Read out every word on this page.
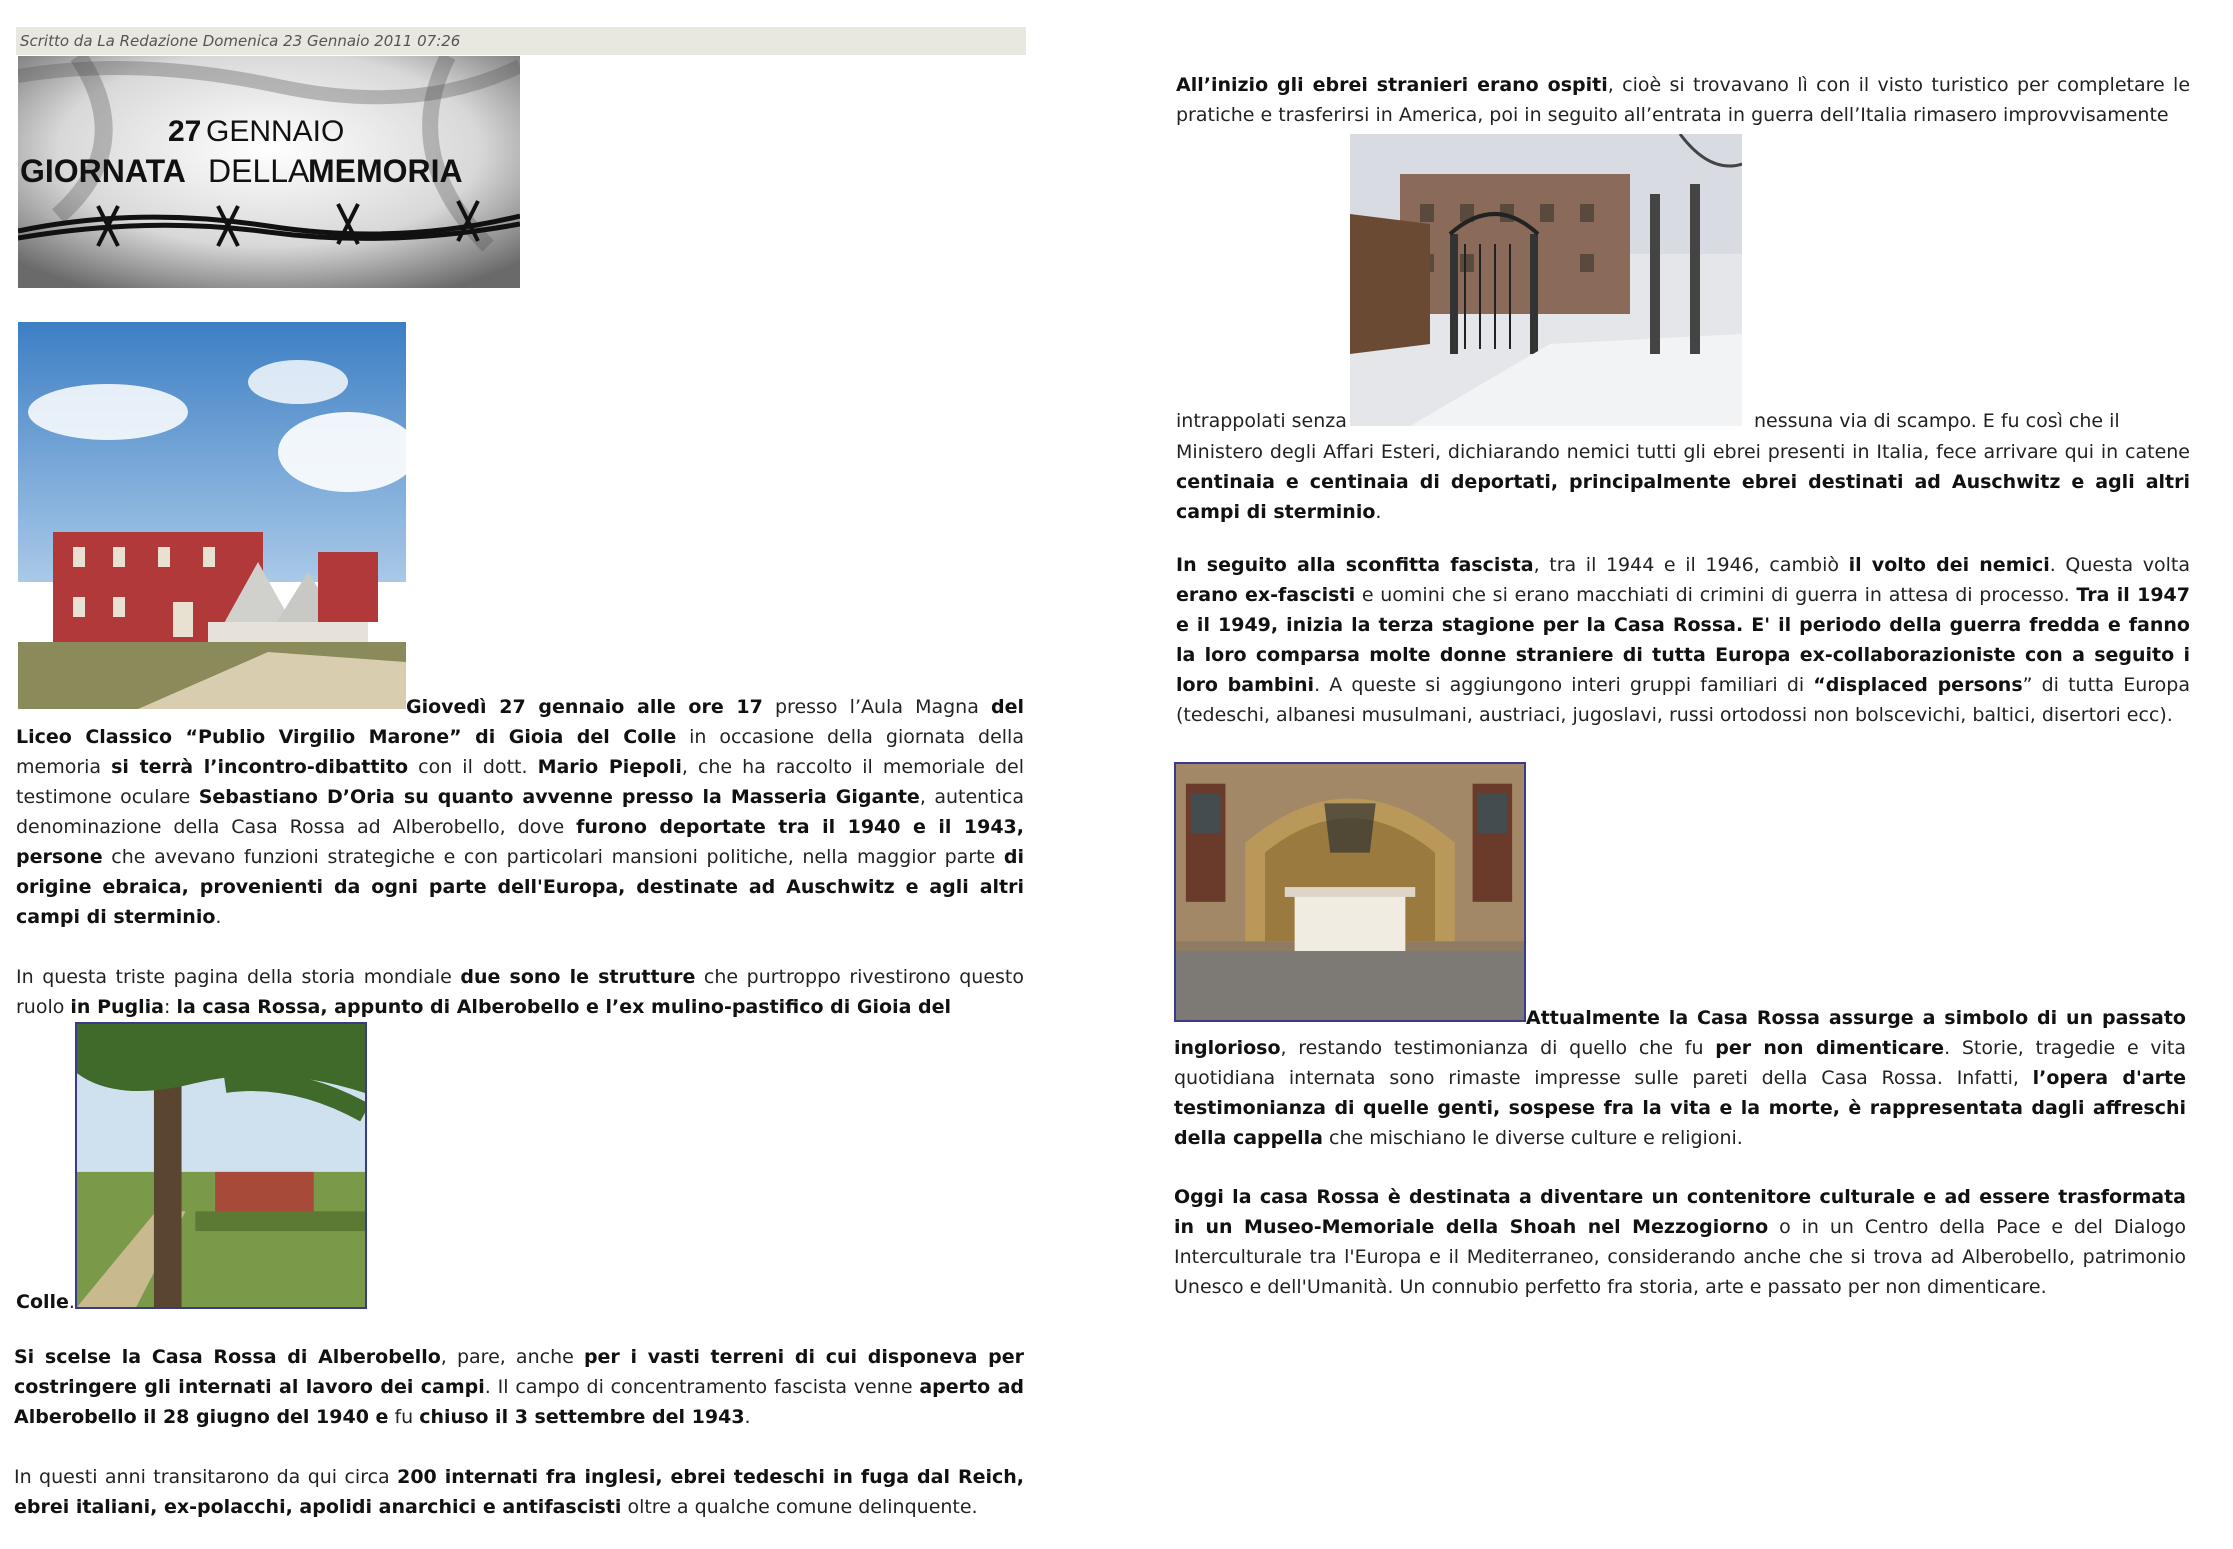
Scritto da La Redazione Domenica 23 Gennaio 2011 07:26
27 GENNAIO
GIORNATA DELLA
MEMORIA
Giovedì 27 gennaio alle ore 17 presso l’Aula Magna del Liceo Classico “Publio Virgilio Marone” di Gioia del Colle in occasione della giornata della memoria si terrà l’incontro-dibattito con il dott. Mario Piepoli, che ha raccolto il memoriale del testimone oculare Sebastiano D’Oria su quanto avvenne presso la Masseria Gigante, autentica denominazione della Casa Rossa ad Alberobello, dove furono deportate tra il 1940 e il 1943, persone che avevano funzioni strategiche e con particolari mansioni politiche, nella maggior parte di origine ebraica, provenienti da ogni parte dell'Europa, destinate ad Auschwitz e agli altri campi di sterminio.
In questa triste pagina della storia mondiale due sono le strutture che purtroppo rivestirono questo ruolo in Puglia: la casa Rossa, appunto di Alberobello e l’ex mulino-pastifico di Gioia del
Colle.
Si scelse la Casa Rossa di Alberobello, pare, anche per i vasti terreni di cui disponeva per costringere gli internati al lavoro dei campi. Il campo di concentramento fascista venne aperto ad Alberobello il 28 giugno del 1940 e fu chiuso il 3 settembre del 1943.
In questi anni transitarono da qui circa 200 internati fra inglesi, ebrei tedeschi in fuga dal Reich, ebrei italiani, ex-polacchi, apolidi anarchici e antifascisti oltre a qualche comune delinquente.
All’inizio gli ebrei stranieri erano ospiti, cioè si trovavano lì con il visto turistico per completare le pratiche e trasferirsi in America, poi in seguito all’entrata in guerra dell’Italia rimasero improvvisamente
intrappolati senza	nessuna via di scampo. E fu così che il
Ministero degli Affari Esteri, dichiarando nemici tutti gli ebrei presenti in Italia, fece arrivare qui in catene centinaia e centinaia di deportati, principalmente ebrei destinati ad Auschwitz e agli altri campi di sterminio.
In seguito alla sconfitta fascista, tra il 1944 e il 1946, cambiò il volto dei nemici. Questa volta erano ex-fascisti e uomini che si erano macchiati di crimini di guerra in attesa di processo. Tra il 1947 e il 1949, inizia la terza stagione per la Casa Rossa. E' il periodo della guerra fredda e fanno la loro comparsa molte donne straniere di tutta Europa ex-collaborazioniste con a seguito i loro bambini. A queste si aggiungono interi gruppi familiari di “displaced persons” di tutta Europa (tedeschi, albanesi musulmani, austriaci, jugoslavi, russi ortodossi non bolscevichi, baltici, disertori ecc).
Attualmente la Casa Rossa assurge a simbolo di un passato inglorioso, restando testimonianza di quello che fu per non dimenticare. Storie, tragedie e vita quotidiana internata sono rimaste impresse sulle pareti della Casa Rossa. Infatti, l’opera d'arte testimonianza di quelle genti, sospese fra la vita e la morte, è rappresentata dagli affreschi della cappella che mischiano le diverse culture e religioni.
Oggi la casa Rossa è destinata a diventare un contenitore culturale e ad essere trasformata in un Museo-Memoriale della Shoah nel Mezzogiorno o in un Centro della Pace e del Dialogo Interculturale tra l'Europa e il Mediterraneo, considerando anche che si trova ad Alberobello, patrimonio Unesco e dell'Umanità. Un connubio perfetto fra storia, arte e passato per non dimenticare.
